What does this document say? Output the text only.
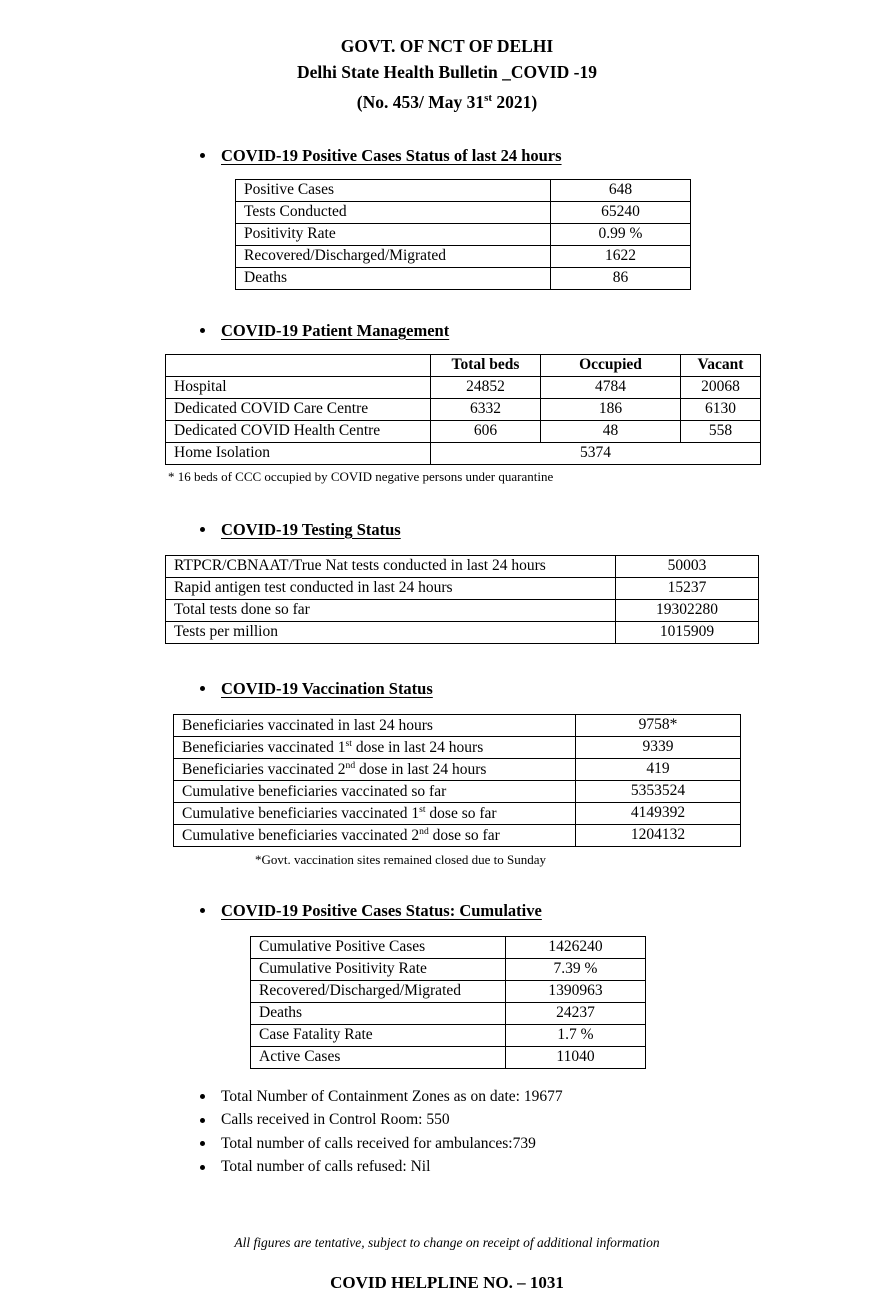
GOVT. OF NCT OF DELHI
Delhi State Health Bulletin _COVID -19
(No. 453/ May 31st 2021)
COVID-19 Positive Cases Status of last 24 hours
Positive Cases	648
Tests Conducted	65240
Positivity Rate	0.99 %
Recovered/Discharged/Migrated	1622
Deaths	86
COVID-19 Patient Management
	Total beds	Occupied	Vacant
Hospital	24852	4784	20068
Dedicated COVID Care Centre	6332	186	6130
Dedicated COVID Health Centre	606	48	558
Home Isolation	5374		
* 16 beds of CCC occupied by COVID negative persons under quarantine
COVID-19 Testing Status
RTPCR/CBNAAT/True Nat tests conducted in last 24 hours	50003
Rapid antigen test conducted in last 24 hours	15237
Total tests done so far	19302280
Tests per million	1015909
COVID-19 Vaccination Status
Beneficiaries vaccinated in last 24 hours	9758*
Beneficiaries vaccinated 1st dose in last 24 hours	9339
Beneficiaries vaccinated 2nd dose in last 24 hours	419
Cumulative beneficiaries vaccinated so far	5353524
Cumulative beneficiaries vaccinated 1st dose so far	4149392
Cumulative beneficiaries vaccinated 2nd dose so far	1204132
*Govt. vaccination sites remained closed due to Sunday
COVID-19 Positive Cases Status: Cumulative
Cumulative Positive Cases	1426240
Cumulative Positivity Rate	7.39 %
Recovered/Discharged/Migrated	1390963
Deaths	24237
Case Fatality Rate	1.7 %
Active Cases	11040
Total Number of Containment Zones as on date: 19677
Calls received in Control Room: 550
Total number of calls received for ambulances:739
Total number of calls refused: Nil
All figures are tentative, subject to change on receipt of additional information
COVID HELPLINE NO. – 1031
